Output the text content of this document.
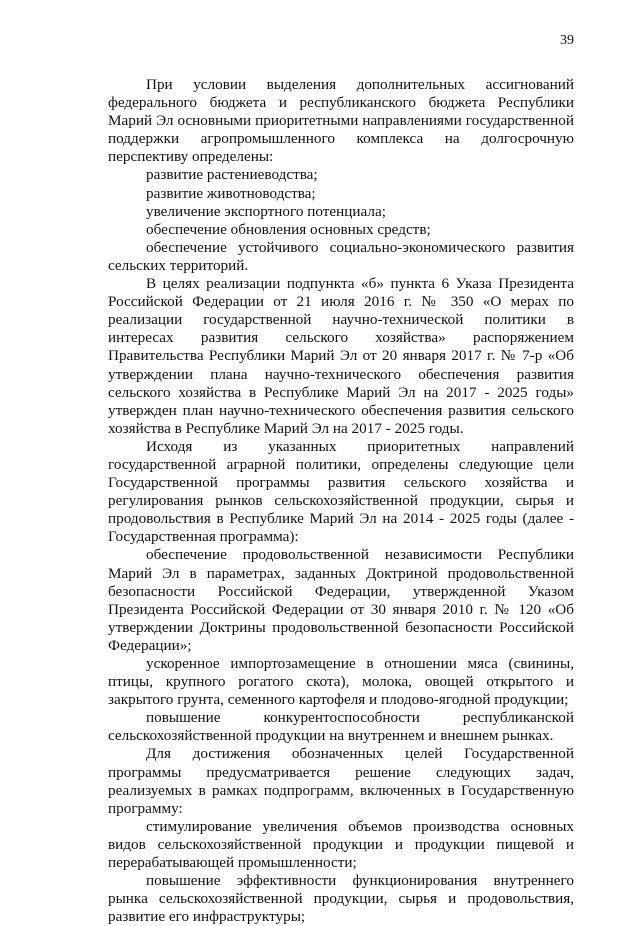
39

При условии выделения дополнительных ассигнований федерального бюджета и республиканского бюджета Республики Марий Эл основными приоритетными направлениями государственной поддержки агропромышленного комплекса на долгосрочную перспективу определены:

развитие растениеводства;

развитие животноводства;

увеличение экспортного потенциала;

обеспечение обновления основных средств;

обеспечение устойчивого социально-экономического развития сельских территорий.

В целях реализации подпункта «б» пункта 6 Указа Президента Российской Федерации от 21 июля 2016 г. № 350 «О мерах по реализации государственной научно-технической политики в интересах развития сельского хозяйства» распоряжением Правительства Республики Марий Эл от 20 января 2017 г. № 7-р «Об утверждении плана научно-технического обеспечения развития сельского хозяйства в Республике Марий Эл на 2017 - 2025 годы» утвержден план научно-технического обеспечения развития сельского хозяйства в Республике Марий Эл на 2017 - 2025 годы.

Исходя из указанных приоритетных направлений государственной аграрной политики, определены следующие цели Государственной программы развития сельского хозяйства и регулирования рынков сельскохозяйственной продукции, сырья и продовольствия в Республике Марий Эл на 2014 - 2025 годы (далее - Государственная программа):

обеспечение продовольственной независимости Республики Марий Эл в параметрах, заданных Доктриной продовольственной безопасности Российской Федерации, утвержденной Указом Президента Российской Федерации от 30 января 2010 г. № 120 «Об утверждении Доктрины продовольственной безопасности Российской Федерации»;

ускоренное импортозамещение в отношении мяса (свинины, птицы, крупного рогатого скота), молока, овощей открытого и закрытого грунта, семенного картофеля и плодово-ягодной продукции;

повышение конкурентоспособности республиканской сельскохозяйственной продукции на внутреннем и внешнем рынках.

Для достижения обозначенных целей Государственной программы предусматривается решение следующих задач, реализуемых в рамках подпрограмм, включенных в Государственную программу:

стимулирование увеличения объемов производства основных видов сельскохозяйственной продукции и продукции пищевой и перерабатывающей промышленности;

повышение эффективности функционирования внутреннего рынка сельскохозяйственной продукции, сырья и продовольствия, развитие его инфраструктуры;
